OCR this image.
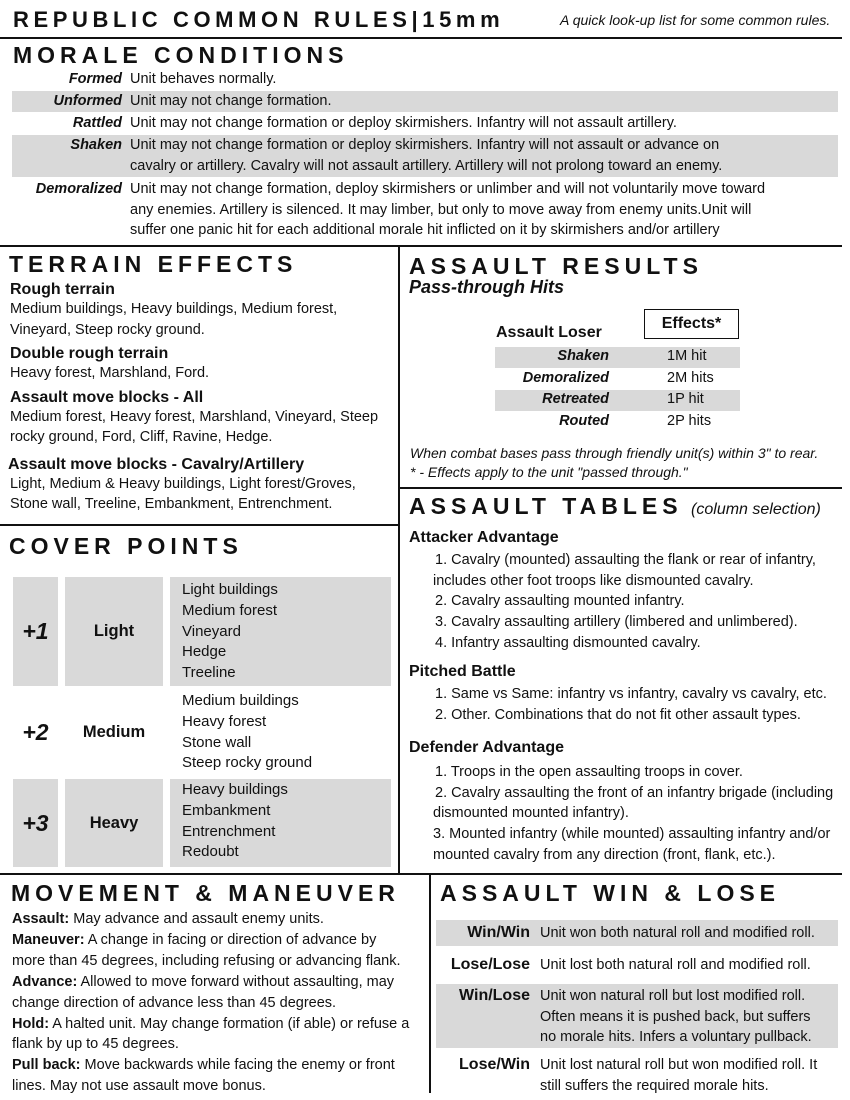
REPUBLIC COMMON RULES|15mm	A quick look-up list for some common rules.
MORALE CONDITIONS
Formed Unit behaves normally.
Unformed Unit may not change formation.
Rattled Unit may not change formation or deploy skirmishers. Infantry will not assault artillery.
Shaken Unit may not change formation or deploy skirmishers. Infantry will not assault or advance on
cavalry or artillery. Cavalry will not assault artillery. Artillery will not prolong toward an enemy.
Demoralized Unit may not change formation, deploy skirmishers or unlimber and will not voluntarily move toward
any enemies. Artillery is silenced. It may limber, but only to move away from enemy units.Unit will
suffer one panic hit for each additional morale hit inflicted on it by skirmishers and/or artillery
TERRAIN EFFECTS
Rough terrain
Medium buildings, Heavy buildings, Medium forest,
Vineyard, Steep rocky ground.
Double rough terrain
Heavy forest, Marshland, Ford.
Assault move blocks - All
Medium forest, Heavy forest, Marshland, Vineyard, Steep
rocky ground, Ford, Cliff, Ravine, Hedge.
Assault move blocks - Cavalry/Artillery
Light, Medium & Heavy buildings, Light forest/Groves,
Stone wall, Treeline, Embankment, Entrenchment.
ASSAULT RESULTS
Pass-through Hits
Assault Loser
Effects*
Shaken	1M hit
Demoralized	2M hits
Retreated	1P hit
Routed	2P hits
When combat bases pass through friendly unit(s) within 3" to rear.
* - Effects apply to the unit "passed through."
COVER POINTS
+1	Light
Light buildings
Medium forest
Vineyard
Hedge
Treeline
+2	Medium
Medium buildings
Heavy forest
Stone wall
Steep rocky ground
+3	Heavy
Heavy buildings
Embankment
Entrenchment
Redoubt
ASSAULT TABLES (column selection)
Attacker Advantage
1. Cavalry (mounted) assaulting the flank or rear of infantry,
includes other foot troops like dismounted cavalry.
2. Cavalry assaulting mounted infantry.
3. Cavalry assaulting artillery (limbered and unlimbered).
4. Infantry assaulting dismounted cavalry.
Pitched Battle
1. Same vs Same: infantry vs infantry, cavalry vs cavalry, etc.
2. Other. Combinations that do not fit other assault types.
Defender Advantage
1. Troops in the open assaulting troops in cover.
2. Cavalry assaulting the front of an infantry brigade (including
dismounted mounted infantry).
3. Mounted infantry (while mounted) assaulting infantry and/or
mounted cavalry from any direction (front, flank, etc.).
MOVEMENT & MANEUVER
Assault: May advance and assault enemy units.
Maneuver: A change in facing or direction of advance by
more than 45 degrees, including refusing or advancing flank.
Advance: Allowed to move forward without assaulting, may
change direction of advance less than 45 degrees.
Hold: A halted unit. May change formation (if able) or refuse a
flank by up to 45 degrees.
Pull back: Move backwards while facing the enemy or front
lines. May not use assault move bonus.
ASSAULT WIN & LOSE
Win/Win Unit won both natural roll and modified roll.
Lose/Lose Unit lost both natural roll and modified roll.
Win/Lose Unit won natural roll but lost modified roll.
Often means it is pushed back, but suffers
no morale hits. Infers a voluntary pullback.
Lose/Win Unit lost natural roll but won modified roll. It
still suffers the required morale hits.
